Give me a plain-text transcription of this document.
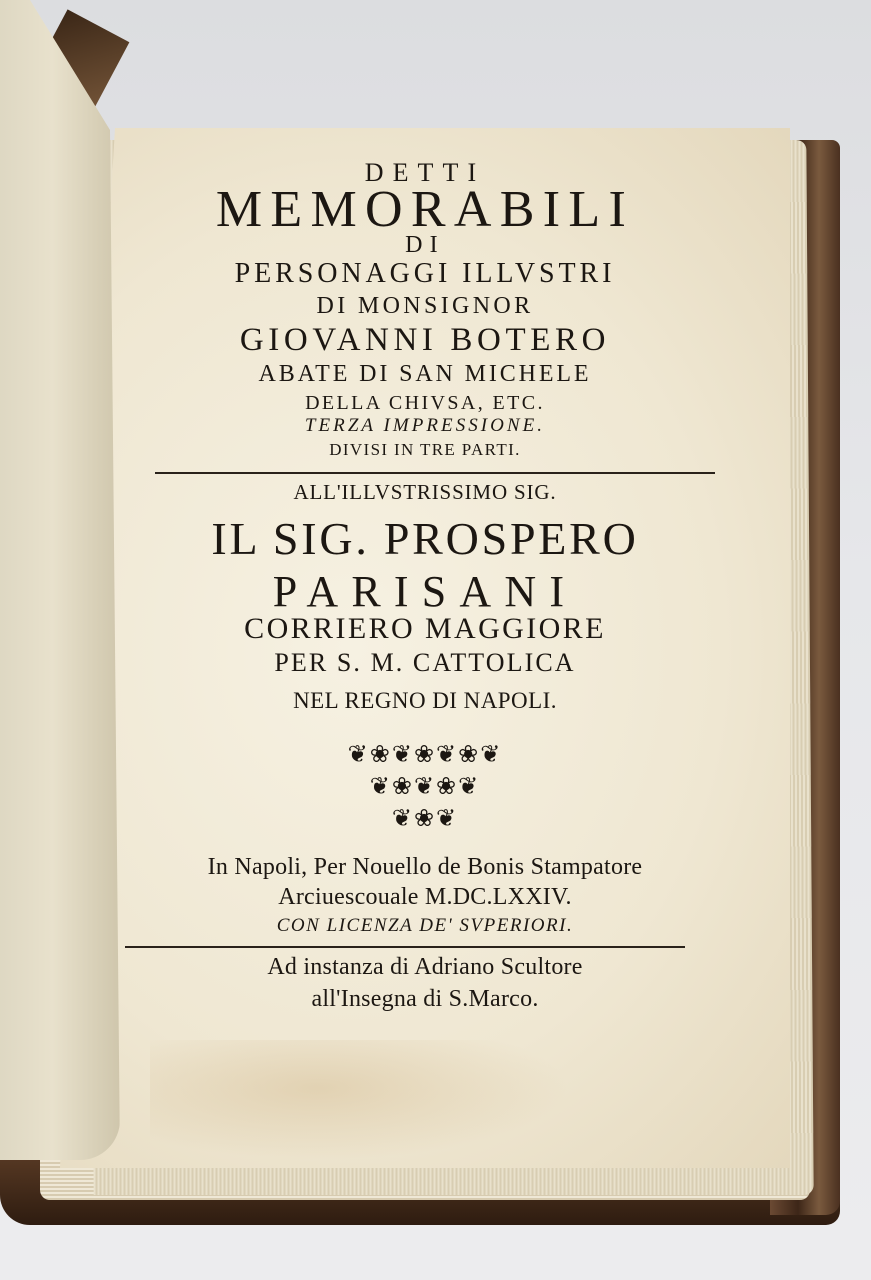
DETTI
MEMORABILI
DI
PERSONAGGI ILLVSTRI
DI MONSIGNOR
GIOVANNI BOTERO
ABATE DI SAN MICHELE
DELLA CHIVSA, ETC.
TERZA IMPRESSIONE.
DIVISI IN TRE PARTI.
ALL'ILLVSTRISSIMO SIG.
IL SIG. PROSPERO
PARISANI
CORRIERO MAGGIORE
PER S. M. CATTOLICA
NEL REGNO DI NAPOLI.
❦❀❦❀❦❀❦
❦❀❦❀❦
❦❀❦
In Napoli, Per Nouello de Bonis Stampatore
Arciuescouale M.DC.LXXIV.
CON LICENZA DE' SVPERIORI.
Ad instanza di Adriano Scultore
all'Insegna di S.Marco.
